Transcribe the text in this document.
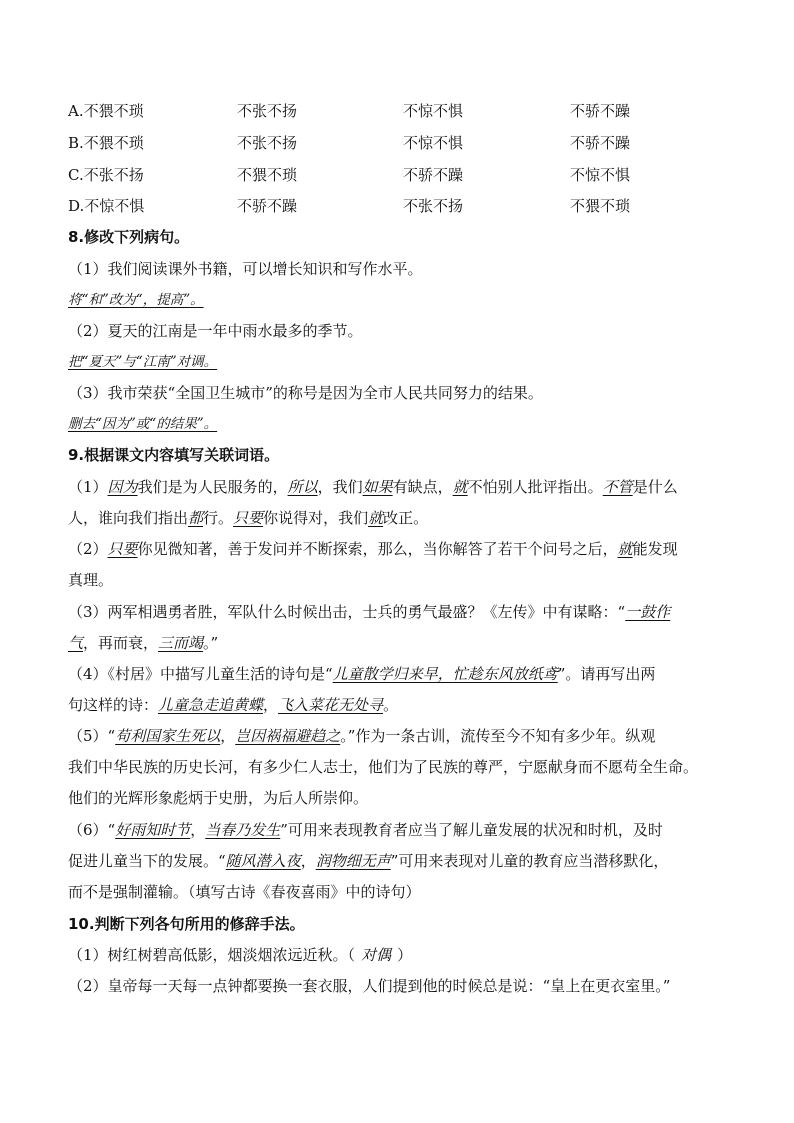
A.不猥不琐	不张不扬	不惊不惧	不骄不躁
B.不猥不琐	不张不扬	不惊不惧	不骄不躁
C.不张不扬	不猥不琐	不骄不躁	不惊不惧
D.不惊不惧	不骄不躁	不张不扬	不猥不琐
8.修改下列病句。
（1）我们阅读课外书籍，可以增长知识和写作水平。
将“和”改为“，提高”。
（2）夏天的江南是一年中雨水最多的季节。
把“夏天”与“江南”对调。
（3）我市荣获“全国卫生城市”的称号是因为全市人民共同努力的结果。
删去“因为”或“的结果”。
9.根据课文内容填写关联词语。
（1）因为我们是为人民服务的，所以，我们如果有缺点，就不怕别人批评指出。不管是什么
人，谁向我们指出都行。只要你说得对，我们就改正。
（2）只要你见微知著，善于发问并不断探索，那么，当你解答了若干个问号之后，就能发现
真理。
（3）两军相遇勇者胜，军队什么时候出击，士兵的勇气最盛？《左传》中有谋略：“一鼓作
气，再而衰，三而竭。”
（4）《村居》中描写儿童生活的诗句是“儿童散学归来早，忙趁东风放纸鸢”。请再写出两
句这样的诗：儿童急走追黄蝶，飞入菜花无处寻。
（5）“苟利国家生死以，岂因祸福避趋之。”作为一条古训，流传至今不知有多少年。纵观
我们中华民族的历史长河，有多少仁人志士，他们为了民族的尊严，宁愿献身而不愿苟全生命。
他们的光辉形象彪炳于史册，为后人所崇仰。
（6）“好雨知时节，当春乃发生”可用来表现教育者应当了解儿童发展的状况和时机，及时
促进儿童当下的发展。“随风潜入夜，润物细无声”可用来表现对儿童的教育应当潜移默化，
而不是强制灌输。（填写古诗《春夜喜雨》中的诗句）
10.判断下列各句所用的修辞手法。
（1）树红树碧高低影，烟淡烟浓远近秋。（ 对偶 ）
（2）皇帝每一天每一点钟都要换一套衣服，人们提到他的时候总是说：“皇上在更衣室里。”
